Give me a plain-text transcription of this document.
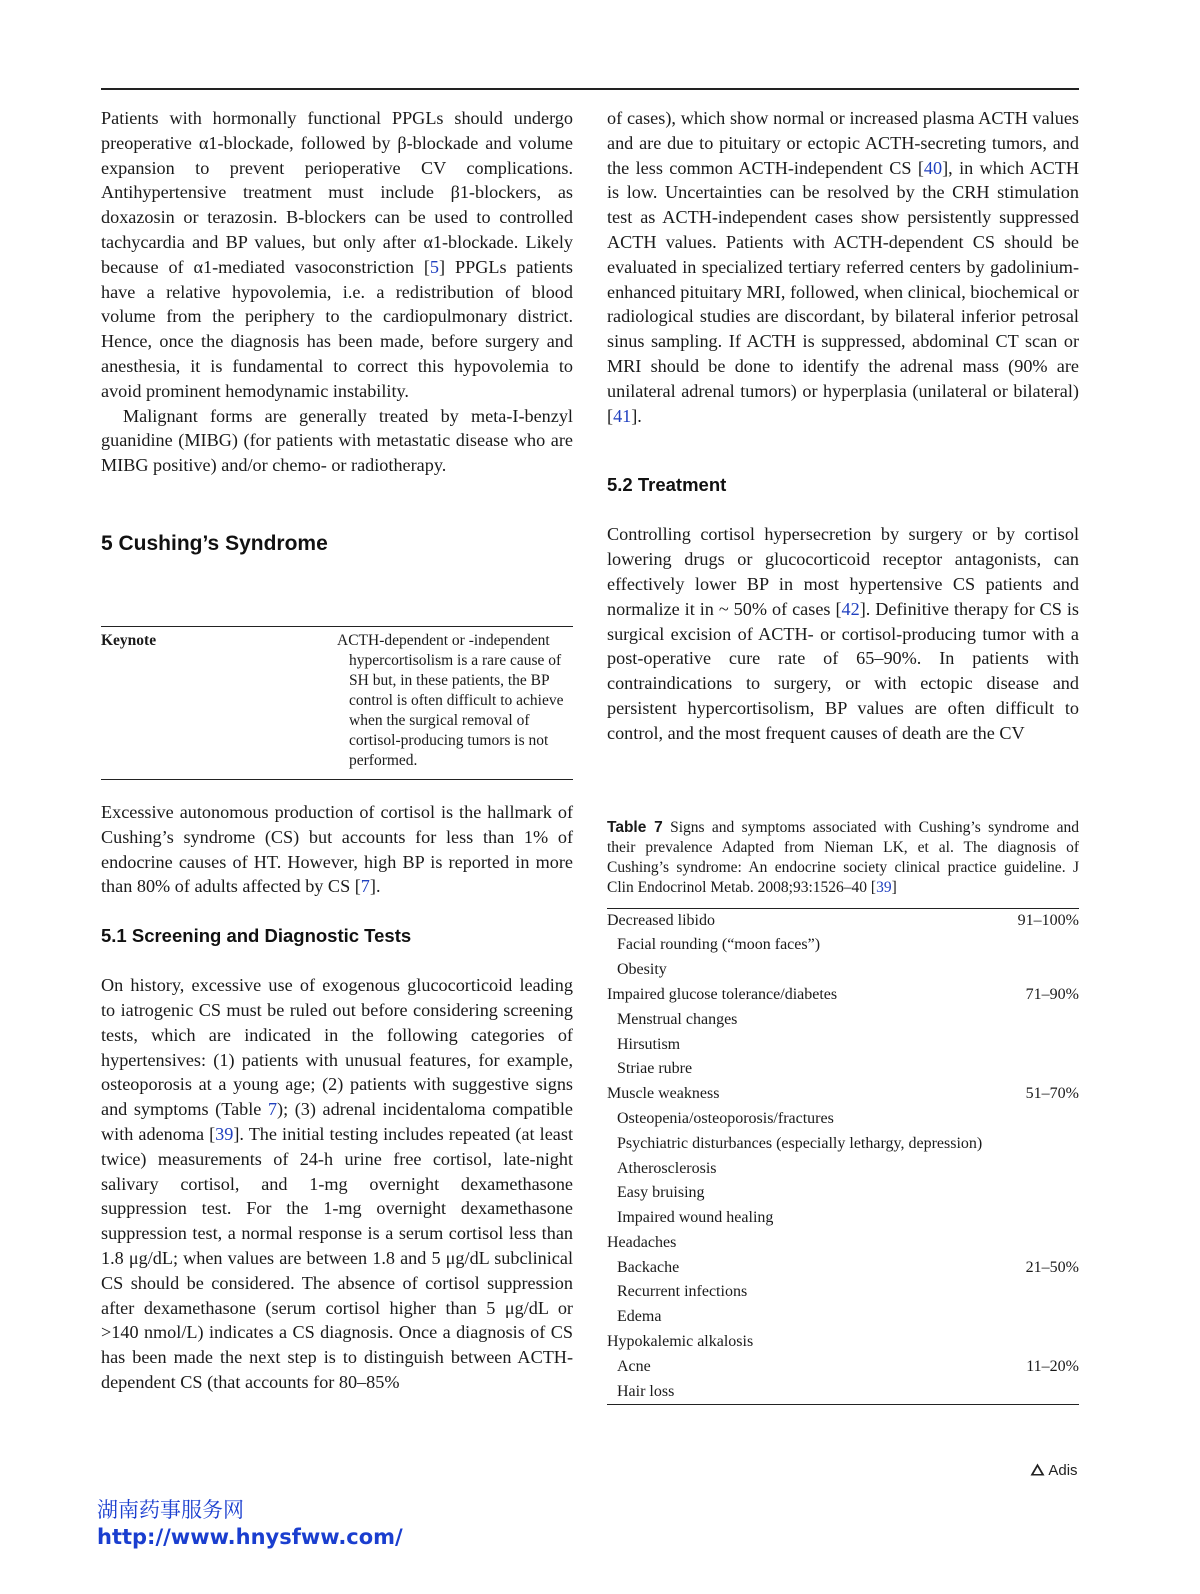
Patients with hormonally functional PPGLs should undergo preoperative α1-blockade, followed by β-blockade and volume expansion to prevent perioperative CV complications. Antihypertensive treatment must include β1-blockers, as doxazosin or terazosin. B-blockers can be used to controlled tachycardia and BP values, but only after α1-blockade. Likely because of α1-mediated vasoconstriction [5] PPGLs patients have a relative hypovolemia, i.e. a redistribution of blood volume from the periphery to the cardiopulmonary district. Hence, once the diagnosis has been made, before surgery and anesthesia, it is fundamental to correct this hypovolemia to avoid prominent hemodynamic instability.

Malignant forms are generally treated by meta-I-benzyl guanidine (MIBG) (for patients with metastatic disease who are MIBG positive) and/or chemo- or radiotherapy.

5 Cushing’s Syndrome
Keynote	ACTH-dependent or -independent hypercortisolism is a rare cause of SH but, in these patients, the BP control is often difficult to achieve when the surgical removal of cortisol-producing tumors is not performed.

Excessive autonomous production of cortisol is the hallmark of Cushing’s syndrome (CS) but accounts for less than 1% of endocrine causes of HT. However, high BP is reported in more than 80% of adults affected by CS [7].

5.1 Screening and Diagnostic Tests

On history, excessive use of exogenous glucocorticoid leading to iatrogenic CS must be ruled out before considering screening tests, which are indicated in the following categories of hypertensives: (1) patients with unusual features, for example, osteoporosis at a young age; (2) patients with suggestive signs and symptoms (Table 7); (3) adrenal incidentaloma compatible with adenoma [39]. The initial testing includes repeated (at least twice) measurements of 24-h urine free cortisol, late-night salivary cortisol, and 1-mg overnight dexamethasone suppression test. For the 1-mg overnight dexamethasone suppression test, a normal response is a serum cortisol less than 1.8 μg/dL; when values are between 1.8 and 5 μg/dL subclinical CS should be considered. The absence of cortisol suppression after dexamethasone (serum cortisol higher than 5 μg/dL or >140 nmol/L) indicates a CS diagnosis. Once a diagnosis of CS has been made the next step is to distinguish between ACTH-dependent CS (that accounts for 80–85%

of cases), which show normal or increased plasma ACTH values and are due to pituitary or ectopic ACTH-secreting tumors, and the less common ACTH-independent CS [40], in which ACTH is low. Uncertainties can be resolved by the CRH stimulation test as ACTH-independent cases show persistently suppressed ACTH values. Patients with ACTH-dependent CS should be evaluated in specialized tertiary referred centers by gadolinium-enhanced pituitary MRI, followed, when clinical, biochemical or radiological studies are discordant, by bilateral inferior petrosal sinus sampling. If ACTH is suppressed, abdominal CT scan or MRI should be done to identify the adrenal mass (90% are unilateral adrenal tumors) or hyperplasia (unilateral or bilateral) [41].

5.2 Treatment

Controlling cortisol hypersecretion by surgery or by cortisol lowering drugs or glucocorticoid receptor antagonists, can effectively lower BP in most hypertensive CS patients and normalize it in ~ 50% of cases [42]. Definitive therapy for CS is surgical excision of ACTH- or cortisol-producing tumor with a post-operative cure rate of 65–90%. In patients with contraindications to surgery, or with ectopic disease and persistent hypercortisolism, BP values are often difficult to control, and the most frequent causes of death are the CV

Table 7 Signs and symptoms associated with Cushing’s syndrome and their prevalence Adapted from Nieman LK, et al. The diagnosis of Cushing’s syndrome: An endocrine society clinical practice guideline. J Clin Endocrinol Metab. 2008;93:1526–40 [39]

Decreased libido	91–100%
Facial rounding (“moon faces”)	
Obesity	
Impaired glucose tolerance/diabetes	71–90%
Menstrual changes	
Hirsutism	
Striae rubre	
Muscle weakness	51–70%
Osteopenia/osteoporosis/fractures	
Psychiatric disturbances (especially lethargy, depression)	
Atherosclerosis	
Easy bruising	
Impaired wound healing	
Headaches	
Backache	21–50%
Recurrent infections	
Edema	
Hypokalemic alkalosis	
Acne	11–20%
Hair loss	
Adis
湖南药事服务网
http://www.hnysfww.com/
